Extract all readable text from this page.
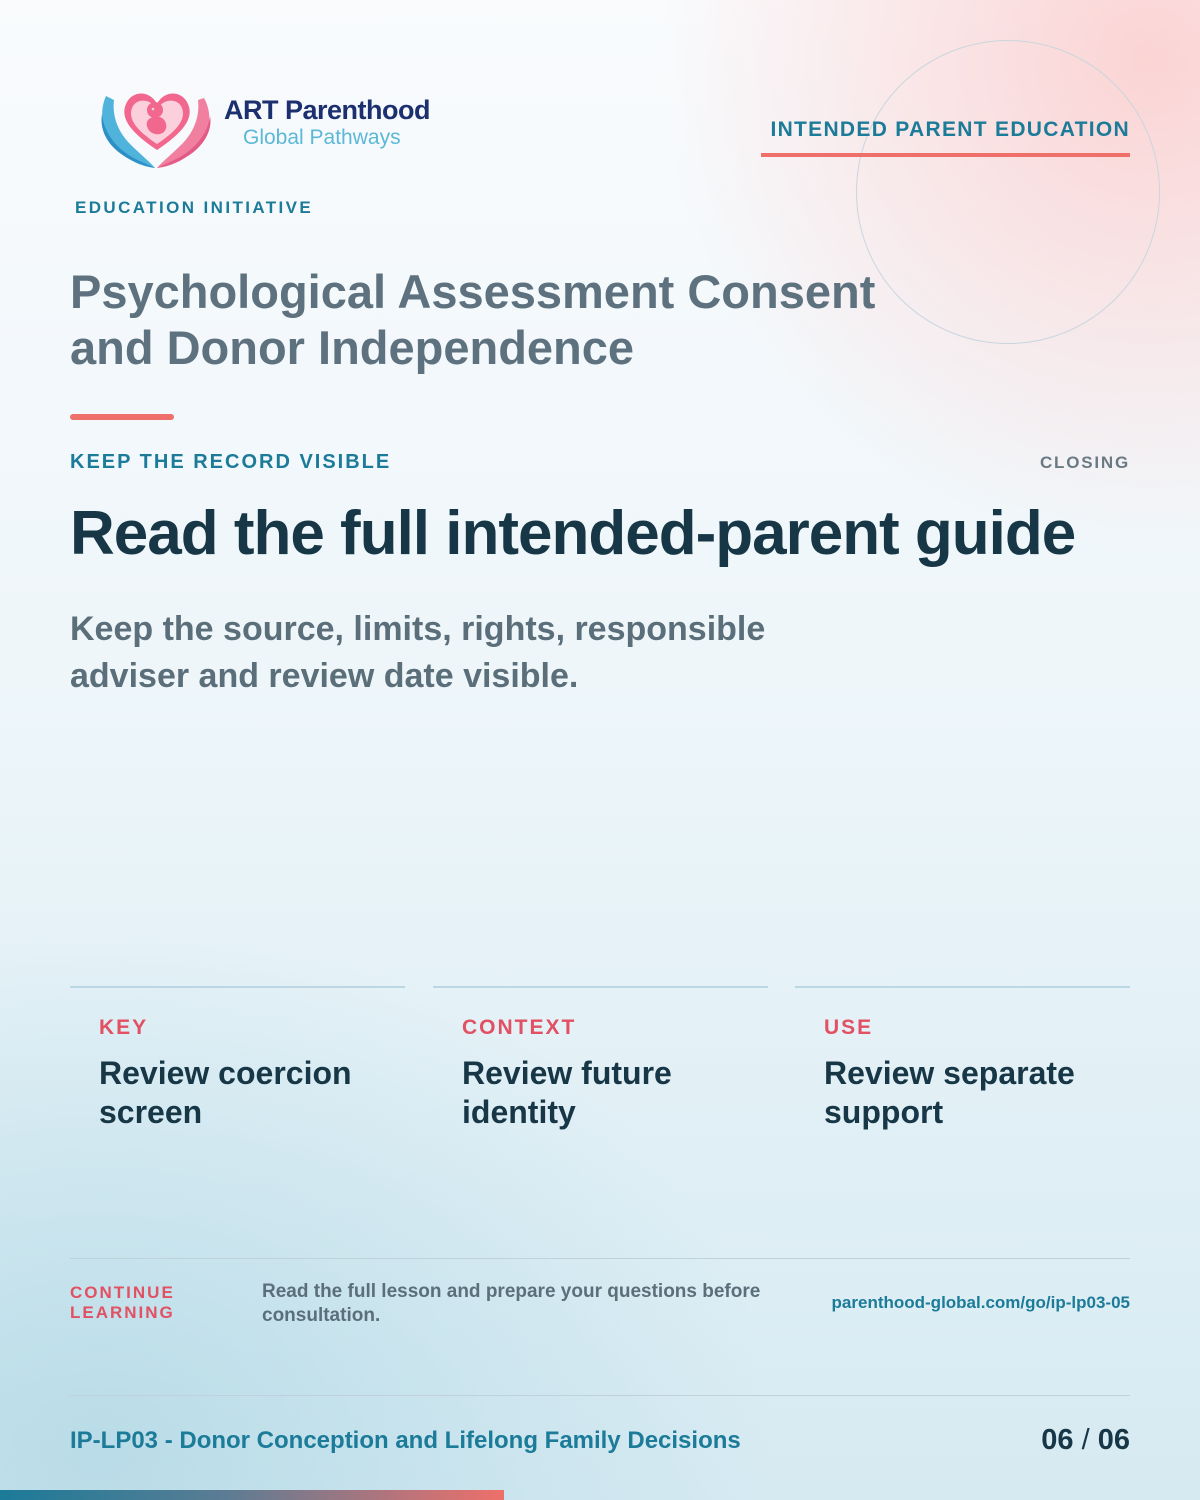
ART Parenthood
Global Pathways	INTENDED PARENT EDUCATION
EDUCATION INITIATIVE
Psychological Assessment Consent and Donor Independence
KEEP THE RECORD VISIBLE	CLOSING
Read the full intended-parent guide
Keep the source, limits, rights, responsible adviser and review date visible.
KEY
Review coercion screen
CONTEXT
Review future identity
USE
Review separate support
CONTINUE LEARNING
Read the full lesson and prepare your questions before consultation.
parenthood-global.com/go/ip-lp03-05
IP-LP03 - Donor Conception and Lifelong Family Decisions	06 / 06
